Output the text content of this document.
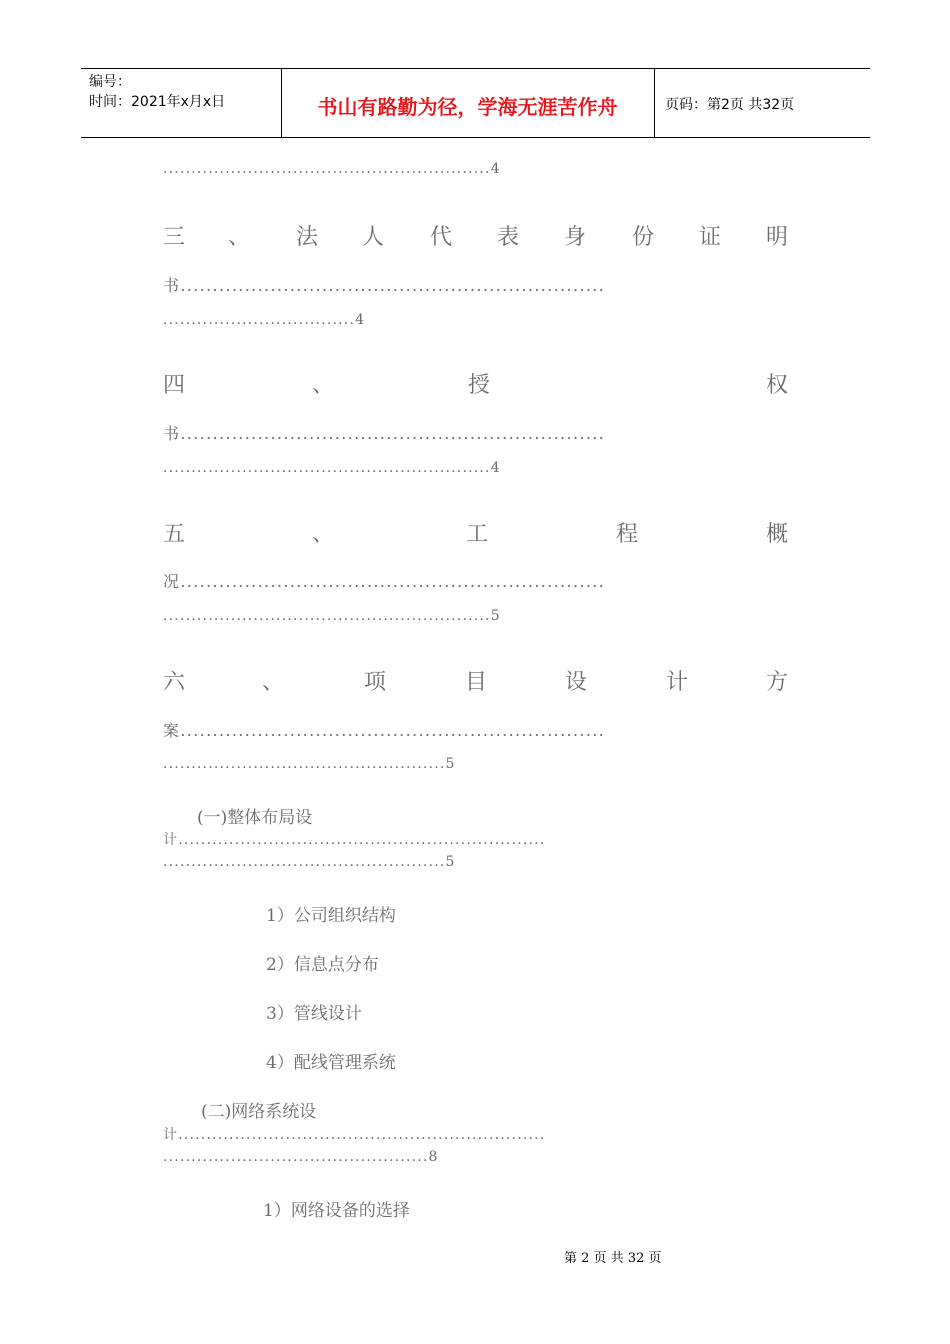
编号：
时间：2021年x月x日	书山有路勤为径，学海无涯苦作舟	页码：第2页 共32页
..........................................................4
三 、 法 人 代 表 身 份 证 明
书..................................................................
..................................4
四	、	授	权
书..................................................................
..........................................................4
五	、	工	程	概
况..................................................................
..........................................................5
六	、	项	目	设	计	方
案..................................................................
..................................................5
(一)整体布局设
计.................................................................
..................................................5
1）公司组织结构
2）信息点分布
3）管线设计
4）配线管理系统
(二)网络系统设
计.................................................................
...............................................8
1）网络设备的选择
第 2 页 共 32 页
